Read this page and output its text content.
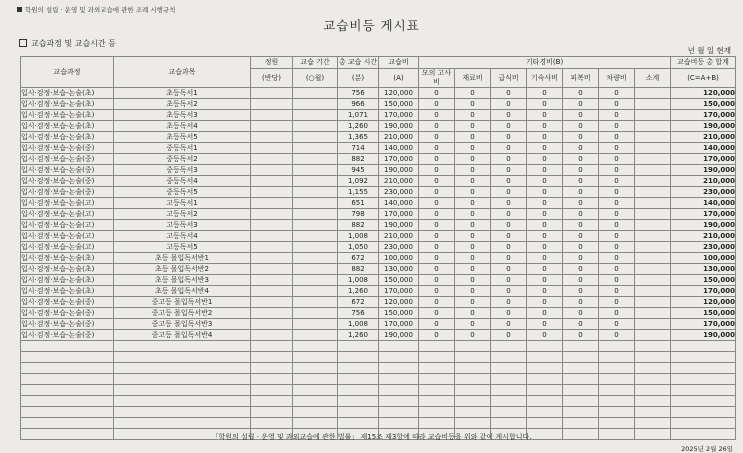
학원의 설립 · 운영 및 과외교습에 관한 조례 시행규칙
교습비등 게시표
교습과정 및 교습시간 등
년 월 일 현재
교습과정	교습과목	정원	교습 기간	총 교습 시간	교습비	기타경비(B)							교습비등 총 합계
						모의 고사비	재료비	급식비	기숙사비	피복비	차량비	소계	
		(반당)	(○월)	(분)	(A)								(C=A+B)

입시·검정·보습-논술(초)	초등독서1			756	120,000	0	0	0	0	0	0		120,000
입시·검정·보습-논술(초)	초등독서2			966	150,000	0	0	0	0	0	0		150,000
입시·검정·보습-논술(초)	초등독서3			1,071	170,000	0	0	0	0	0	0		170,000
입시·검정·보습-논술(초)	초등독서4			1,260	190,000	0	0	0	0	0	0		190,000
입시·검정·보습-논술(초)	초등독서5			1,365	210,000	0	0	0	0	0	0		210,000
입시·검정·보습-논술(중)	중등독서1			714	140,000	0	0	0	0	0	0		140,000
입시·검정·보습-논술(중)	중등독서2			882	170,000	0	0	0	0	0	0		170,000
입시·검정·보습-논술(중)	중등독서3			945	190,000	0	0	0	0	0	0		190,000
입시·검정·보습-논술(중)	중등독서4			1,092	210,000	0	0	0	0	0	0		210,000
입시·검정·보습-논술(중)	중등독서5			1,155	230,000	0	0	0	0	0	0		230,000
입시·검정·보습-논술(고)	고등독서1			651	140,000	0	0	0	0	0	0		140,000
입시·검정·보습-논술(고)	고등독서2			798	170,000	0	0	0	0	0	0		170,000
입시·검정·보습-논술(고)	고등독서3			882	190,000	0	0	0	0	0	0		190,000
입시·검정·보습-논술(고)	고등독서4			1,008	210,000	0	0	0	0	0	0		210,000
입시·검정·보습-논술(고)	고등독서5			1,050	230,000	0	0	0	0	0	0		230,000
입시·검정·보습-논술(초)	초등 몰입독서반1			672	100,000	0	0	0	0	0	0		100,000
입시·검정·보습-논술(초)	초등 몰입독서반2			882	130,000	0	0	0	0	0	0		130,000
입시·검정·보습-논술(초)	초등 몰입독서반3			1,008	150,000	0	0	0	0	0	0		150,000
입시·검정·보습-논술(초)	초등 몰입독서반4			1,260	170,000	0	0	0	0	0	0		170,000
입시·검정·보습-논술(중)	중고등 몰입독서반1			672	120,000	0	0	0	0	0	0		120,000
입시·검정·보습-논술(중)	중고등 몰입독서반2			756	150,000	0	0	0	0	0	0		150,000
입시·검정·보습-논술(중)	중고등 몰입독서반3			1,008	170,000	0	0	0	0	0	0		170,000
입시·검정·보습-논술(중)	중고등 몰입독서반4			1,260	190,000	0	0	0	0	0	0		190,000

「학원의 설립 · 운영 및 과외교습에 관한 법률」 제15조 제3항에 따라 교습비등을 위와 같이 게시합니다.
2025년 2월 26일
